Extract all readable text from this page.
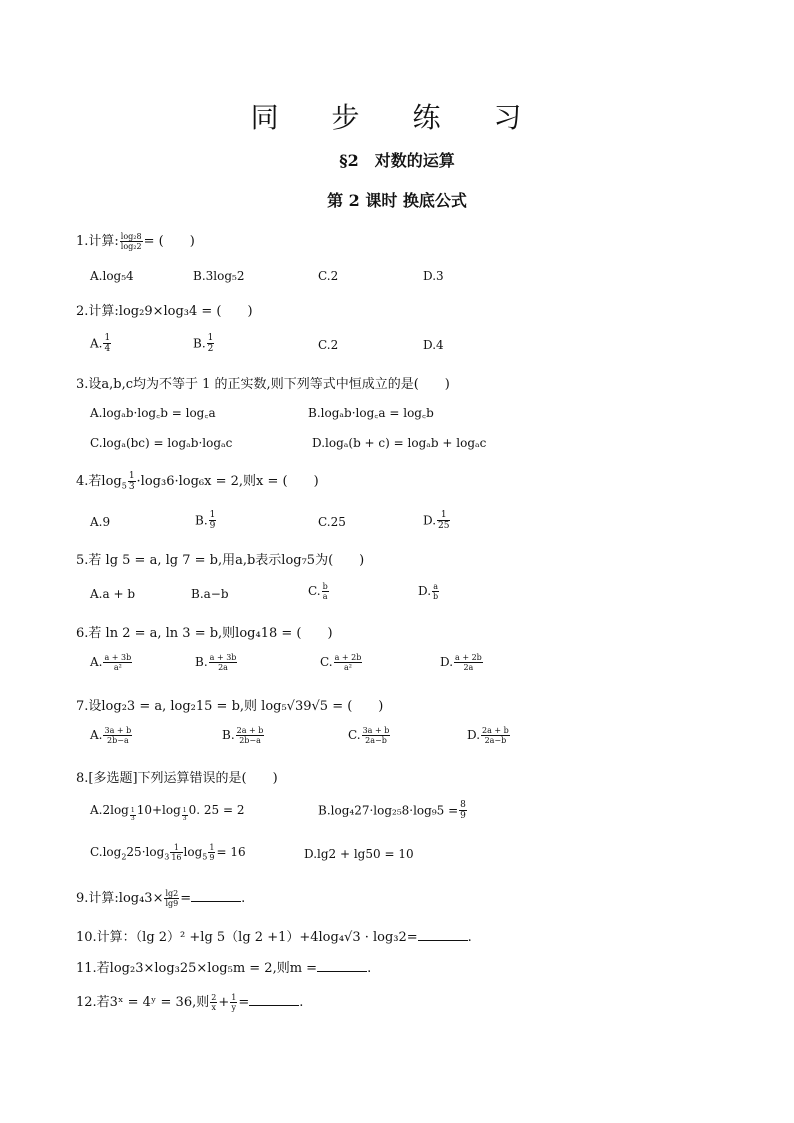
同 步 练 习
§2　对数的运算
第 2 课时 换底公式
1.计算: $\frac{\text{log₂8}}{\text{log₂2}}$ = (　　)
A.log₅4	B.3log₅2	C.2	D.3
2.计算:log₂9×log₃4 = (　　)
A. $\frac{1}{4}$	B. $\frac{1}{2}$	C.2	D.4
3.设a,b,c均为不等于 1 的正实数,则下列等式中恒成立的是(　　)
A.logₐb·log꜀b = log꜀a	B.logₐb·log꜀a = log꜀b
C.logₐ(bc) = logₐb·logₐc	D.logₐ(b + c) = logₐb + logₐc
4.若$\log_5 \frac{1}{3} \cdot\log_36\cdot\log_6x = 2$,则x = (　　)
A.9	B. $\frac{1}{9}$	C.25	D. $\frac{1}{25}$
5.若 lg 5 = a, lg 7 = b,用a,b表示log₇5为(　　)
A.a + b	B.a−b	C. $\frac{b}{a}$	D. $\frac{a}{b}$
6.若 ln 2 = a, ln 3 = b,则log₄18 = (　　)
A. $\frac{a + 3b}{\text{a²}}$	B. $\frac{a + 3b}{2a}$	C. $\frac{a + 2b}{\text{a²}}$	D. $\frac{a + 2b}{2a}$
7.设log₂3 = a, log₂15 = b,则 log₅√39√5 = (　　)
A. $\frac{3a + b}{2b-a}$	B. $\frac{2a + b}{2b-a}$	C. $\frac{3a + b}{2a-b}$	D. $\frac{2a + b}{2a-b}$
8.[多选题]下列运算错误的是(　　)
A.2log $_{\frac{1}{3}}$ 10+log $_{\frac{1}{3}}$ 0. 25 = 2	$B.\log_427\cdot\log_{25}8\cdot\log_95 = \frac{8}{9}$
$C.\log_225\cdot\log_3 \frac{1}{16} \log_5 \frac{1}{9} = 16$	D.lg2 + lg50 = 10
9.计算:log₄3× $\frac{\lg 2}{\lg 9}$ =	.
10.计算：（lg 2）² +lg 5（lg 2 +1）+4log₄√3 · log₃2=	.
11.若log₂3×log₃25×log₅m = 2,则m =	.
12.若3ˣ = 4ʸ = 36,则 $\frac{2}{x} + \frac{1}{y}$ =	.
